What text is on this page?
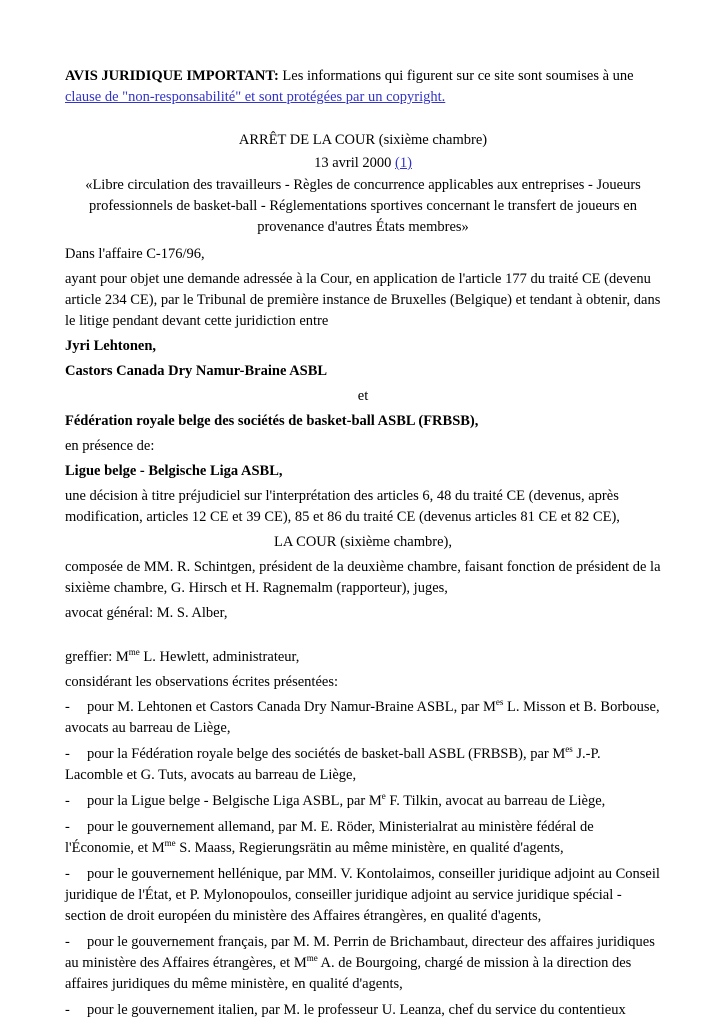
AVIS JURIDIQUE IMPORTANT: Les informations qui figurent sur ce site sont soumises à une clause de "non-responsabilité" et sont protégées par un copyright.

ARRÊT DE LA COUR (sixième chambre)

13 avril 2000 (1)

«Libre circulation des travailleurs - Règles de concurrence applicables aux entreprises - Joueurs professionnels de basket-ball - Réglementations sportives concernant le transfert de joueurs en provenance d'autres États membres»

Dans l'affaire C-176/96,

ayant pour objet une demande adressée à la Cour, en application de l'article 177 du traité CE (devenu article 234 CE), par le Tribunal de première instance de Bruxelles (Belgique) et tendant à obtenir, dans le litige pendant devant cette juridiction entre

Jyri Lehtonen,

Castors Canada Dry Namur-Braine ASBL

et

Fédération royale belge des sociétés de basket-ball ASBL (FRBSB),

en présence de:

Ligue belge - Belgische Liga ASBL,

une décision à titre préjudiciel sur l'interprétation des articles 6, 48 du traité CE (devenus, après modification, articles 12 CE et 39 CE), 85 et 86 du traité CE (devenus articles 81 CE et 82 CE),

LA COUR (sixième chambre),

composée de MM. R. Schintgen, président de la deuxième chambre, faisant fonction de président de la sixième chambre, G. Hirsch et H. Ragnemalm (rapporteur), juges,

avocat général: M. S. Alber,

greffier: $M^{me}$ L. Hewlett, administrateur,

considérant les observations écrites présentées:

- pour M. Lehtonen et Castors Canada Dry Namur-Braine ASBL, par $M^{es}$ L. Misson et B. Borbouse, avocats au barreau de Liège,

- pour la Fédération royale belge des sociétés de basket-ball ASBL (FRBSB), par $M^{es}$ J.-P. Lacomble et G. Tuts, avocats au barreau de Liège,

- pour la Ligue belge - Belgische Liga ASBL, par Me F. Tilkin, avocat au barreau de Liège,

- pour le gouvernement allemand, par M. E. Röder, Ministerialrat au ministère fédéral de l'Économie, et $M^{me}$ S. Maass, Regierungsrätin au même ministère, en qualité d'agents,

- pour le gouvernement hellénique, par MM. V. Kontolaimos, conseiller juridique adjoint au Conseil juridique de l'État, et P. Mylonopoulos, conseiller juridique adjoint au service juridique spécial - section de droit européen du ministère des Affaires étrangères, en qualité d'agents,

- pour le gouvernement français, par M. M. Perrin de Brichambaut, directeur des affaires juridiques au ministère des Affaires étrangères, et $M^{me}$ A. de Bourgoing, chargé de mission à la direction des affaires juridiques du même ministère, en qualité d'agents,

- pour le gouvernement italien, par M. le professeur U. Leanza, chef du service du contentieux
